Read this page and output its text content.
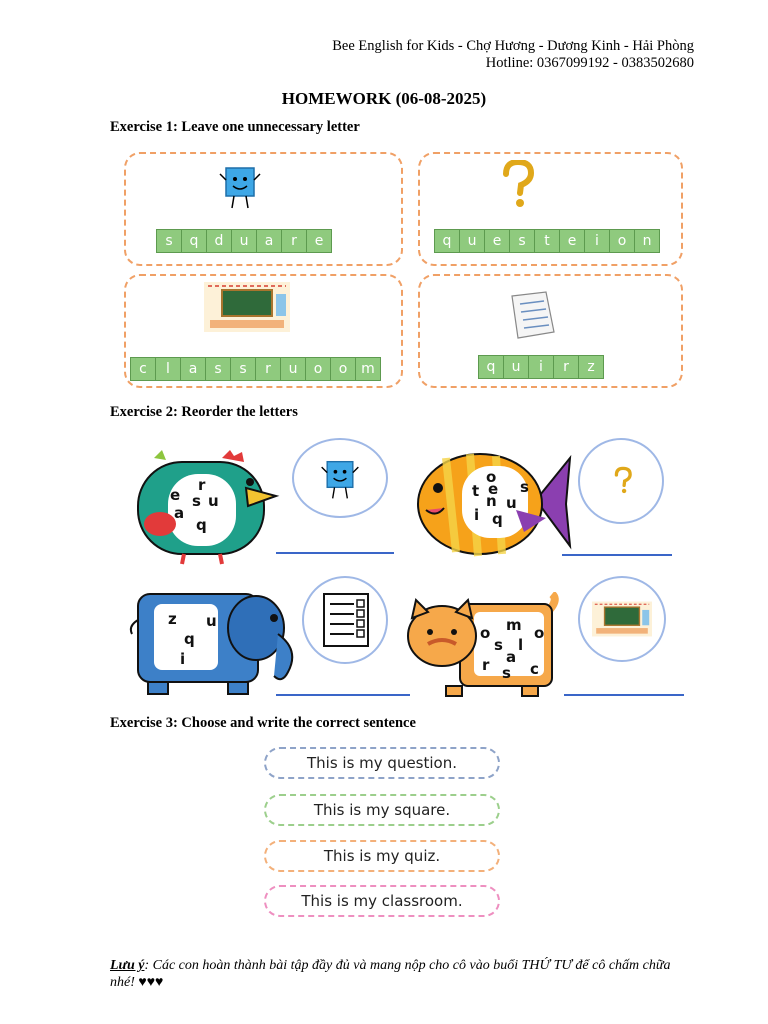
Bee English for Kids - Chợ Hương - Dương Kinh - Hải Phòng
Hotline: 0367099192 - 0383502680
HOMEWORK (06-08-2025)
Exercise 1: Leave one unnecessary letter
s	q	d	u	a	r	e	q	u	e	s	t	e	i	o	n
c	l	a	s	s	r	u	o	o m	q	u	i	r	z
Exercise 2: Reorder the letters
r
e s u
a
q
o
t e s
n u
i q
z u
q
i
m
o	o
s l
a
r s c
Exercise 3: Choose and write the correct sentence
This is my question.
This is my square.
This is my quiz.
This is my classroom.
Lưu ý: Các con hoàn thành bài tập đầy đủ và mang nộp cho cô vào buổi THỨ TƯ để cô chấm chữa nhé! ♥♥♥
